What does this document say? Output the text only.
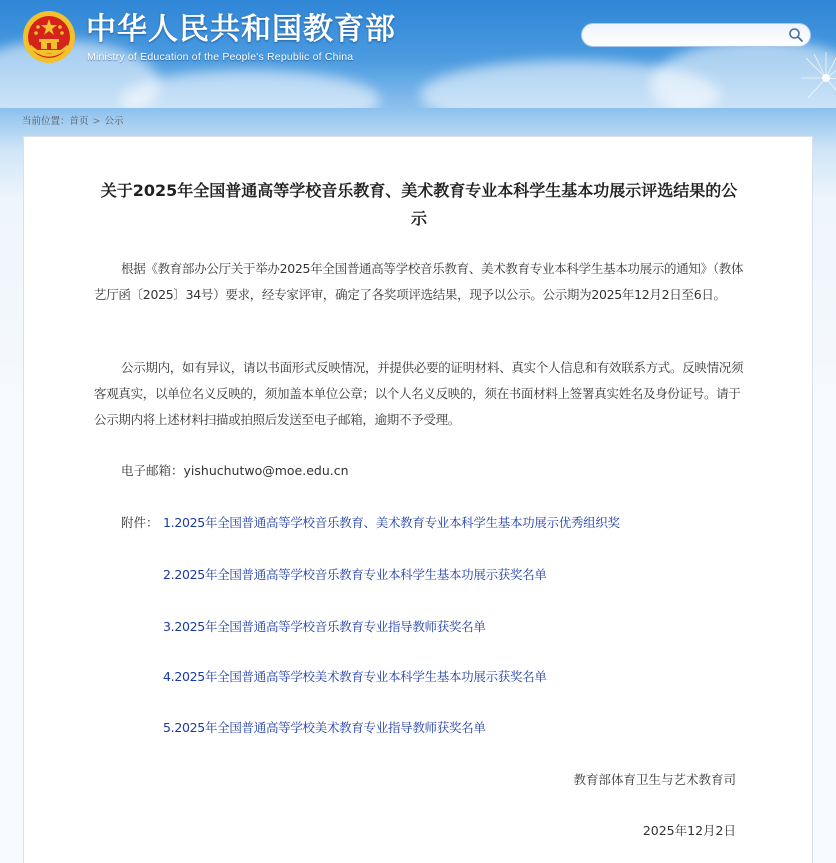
中华人民共和国教育部
Ministry of Education of the People's Republic of China
当前位置：首页 > 公示
关于2025年全国普通高等学校音乐教育、美术教育专业本科学生基本功展示评选结果的公示
根据《教育部办公厅关于举办2025年全国普通高等学校音乐教育、美术教育专业本科学生基本功展示的通知》（教体艺厅函〔2025〕34号）要求，经专家评审，确定了各奖项评选结果，现予以公示。公示期为2025年12月2日至6日。
公示期内，如有异议，请以书面形式反映情况，并提供必要的证明材料、真实个人信息和有效联系方式。反映情况须客观真实，以单位名义反映的，须加盖本单位公章；以个人名义反映的，须在书面材料上签署真实姓名及身份证号。请于公示期内将上述材料扫描或拍照后发送至电子邮箱，逾期不予受理。
电子邮箱：yishuchutwo@moe.edu.cn
附件： 1.2025年全国普通高等学校音乐教育、美术教育专业本科学生基本功展示优秀组织奖
2.2025年全国普通高等学校音乐教育专业本科学生基本功展示获奖名单
3.2025年全国普通高等学校音乐教育专业指导教师获奖名单
4.2025年全国普通高等学校美术教育专业本科学生基本功展示获奖名单
5.2025年全国普通高等学校美术教育专业指导教师获奖名单
教育部体育卫生与艺术教育司
2025年12月2日
